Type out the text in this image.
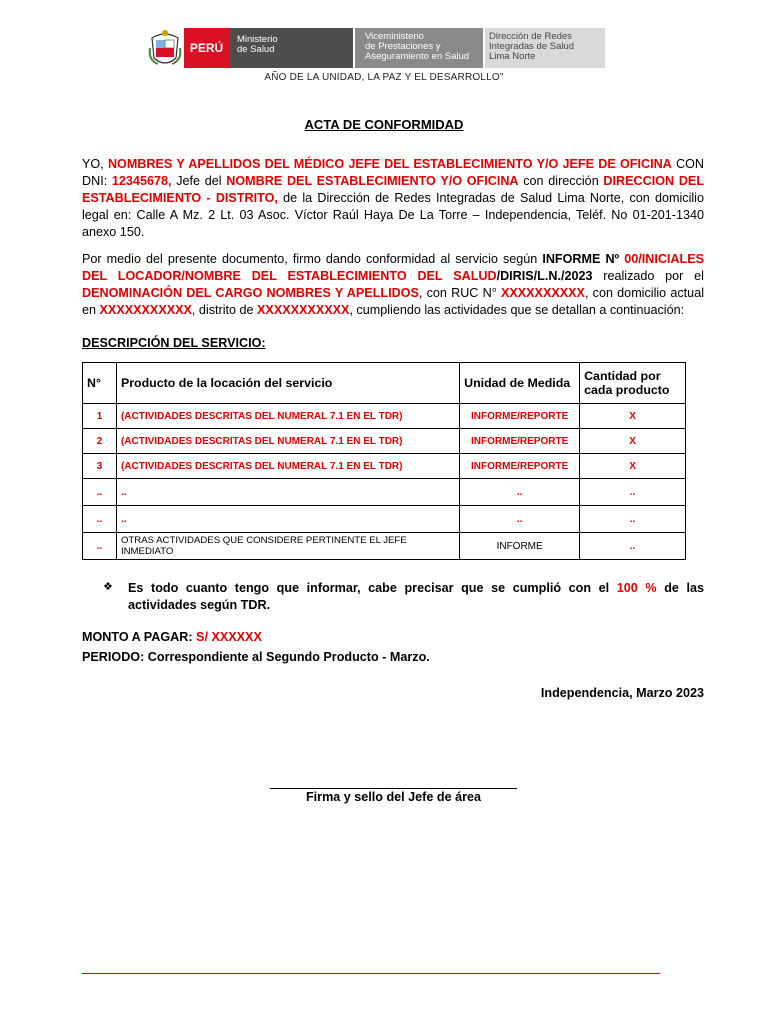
PERÚ
Ministerio
de Salud
Viceministerio
de Prestaciones y
Aseguramiento en Salud
Dirección de Redes
Integradas de Salud
Lima Norte
AÑO DE LA UNIDAD, LA PAZ Y EL DESARROLLO"
ACTA DE CONFORMIDAD
YO, NOMBRES Y APELLIDOS DEL MÉDICO JEFE DEL ESTABLECIMIENTO Y/O JEFE DE OFICINA CON DNI: 12345678, Jefe del NOMBRE DEL ESTABLECIMIENTO Y/O OFICINA con dirección DIRECCION DEL ESTABLECIMIENTO - DISTRITO, de la Dirección de Redes Integradas de Salud Lima Norte, con domicilio legal en: Calle A Mz. 2 Lt. 03 Asoc. Víctor Raúl Haya De La Torre – Independencia, Teléf. No 01-201-1340 anexo 150.
Por medio del presente documento, firmo dando conformidad al servicio según INFORME Nº 00/INICIALES DEL LOCADOR/NOMBRE DEL ESTABLECIMIENTO DEL SALUD/DIRIS/L.N./2023 realizado por el DENOMINACIÓN DEL CARGO NOMBRES Y APELLIDOS, con RUC N° XXXXXXXXXX, con domicilio actual en XXXXXXXXXXX, distrito de XXXXXXXXXXX, cumpliendo las actividades que se detallan a continuación:
DESCRIPCIÓN DEL SERVICIO:
N°	Producto de la locación del servicio	Unidad de Medida	Cantidad por cada producto
1	(ACTIVIDADES DESCRITAS DEL NUMERAL 7.1 EN EL TDR)	INFORME/REPORTE	X
2	(ACTIVIDADES DESCRITAS DEL NUMERAL 7.1 EN EL TDR)	INFORME/REPORTE	X
3	(ACTIVIDADES DESCRITAS DEL NUMERAL 7.1 EN EL TDR)	INFORME/REPORTE	X
..	..	..	..
..	..	..	..
..	OTRAS ACTIVIDADES QUE CONSIDERE PERTINENTE EL JEFE INMEDIATO	INFORME	..
❖ Es todo cuanto tengo que informar, cabe precisar que se cumplió con el 100 % de las actividades según TDR.
MONTO A PAGAR: S/ XXXXXX
PERIODO: Correspondiente al Segundo Producto - Marzo.
Independencia, Marzo 2023
Firma y sello del Jefe de área
